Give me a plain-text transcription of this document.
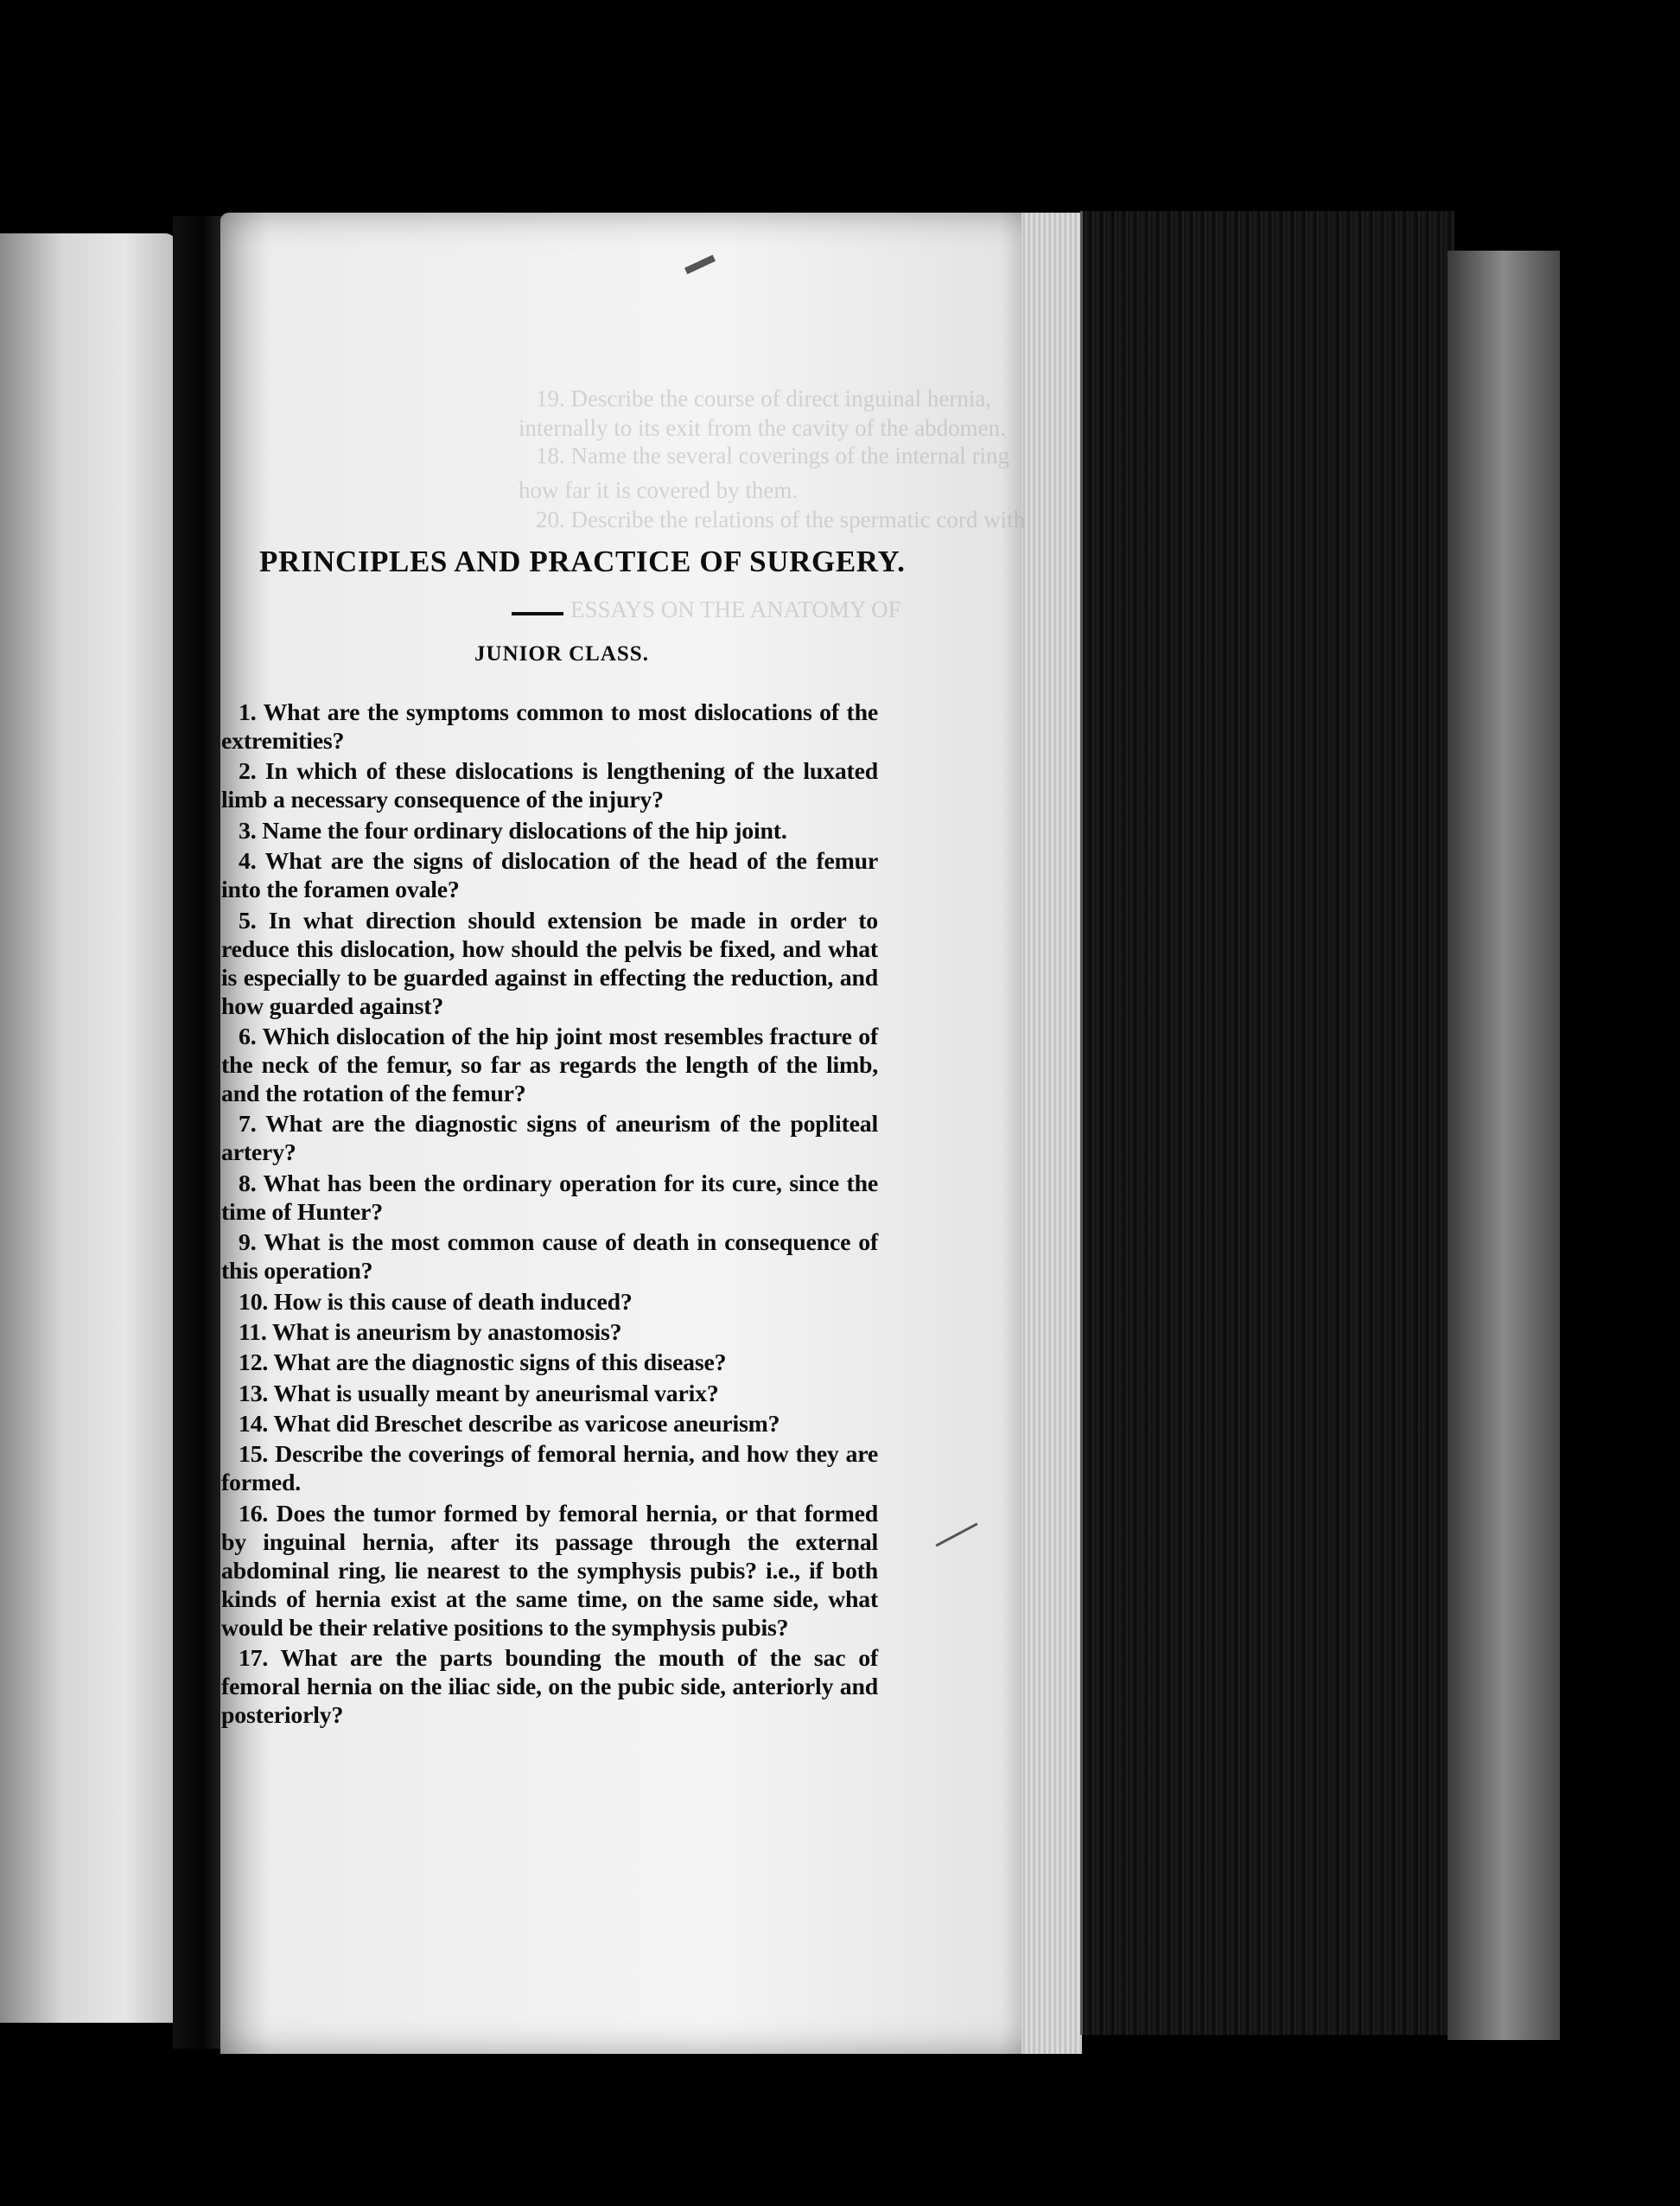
19. Describe the course of direct inguinal hernia,
internally to its exit from the cavity of the abdomen.
18. Name the several coverings of the internal ring
how far it is covered by them.
20. Describe the relations of the spermatic cord with
ESSAYS ON THE ANATOMY OF
EDICINE.
and what by the
of the meaning of
therapeutics, and
th the subjects of
ou pronounce the
te of disease?
affected or modi-
ure of which they
are generally so
influencing them.
medicines, even in
ven fatal? If so,
the treatment of
le the deleterious
PRINCIPLES AND PRACTICE OF SURGERY.
JUNIOR CLASS.

1. What are the symptoms common to most dislocations of the extremities?

2. In which of these dislocations is lengthening of the luxated limb a necessary consequence of the injury?

3. Name the four ordinary dislocations of the hip joint.

4. What are the signs of dislocation of the head of the femur into the foramen ovale?

5. In what direction should extension be made in order to reduce this dislocation, how should the pelvis be fixed, and what is especially to be guarded against in effecting the reduction, and how guarded against?

6. Which dislocation of the hip joint most resembles fracture of the neck of the femur, so far as regards the length of the limb, and the rotation of the femur?

7. What are the diagnostic signs of aneurism of the popliteal artery?

8. What has been the ordinary operation for its cure, since the time of Hunter?

9. What is the most common cause of death in consequence of this operation?

10. How is this cause of death induced?

11. What is aneurism by anastomosis?

12. What are the diagnostic signs of this disease?

13. What is usually meant by aneurismal varix?

14. What did Breschet describe as varicose aneurism?

15. Describe the coverings of femoral hernia, and how they are formed.

16. Does the tumor formed by femoral hernia, or that formed by inguinal hernia, after its passage through the external abdominal ring, lie nearest to the symphysis pubis? i.e., if both kinds of hernia exist at the same time, on the same side, what would be their relative positions to the symphysis pubis?

17. What are the parts bounding the mouth of the sac of femoral hernia on the iliac side, on the pubic side, anteriorly and posteriorly?
